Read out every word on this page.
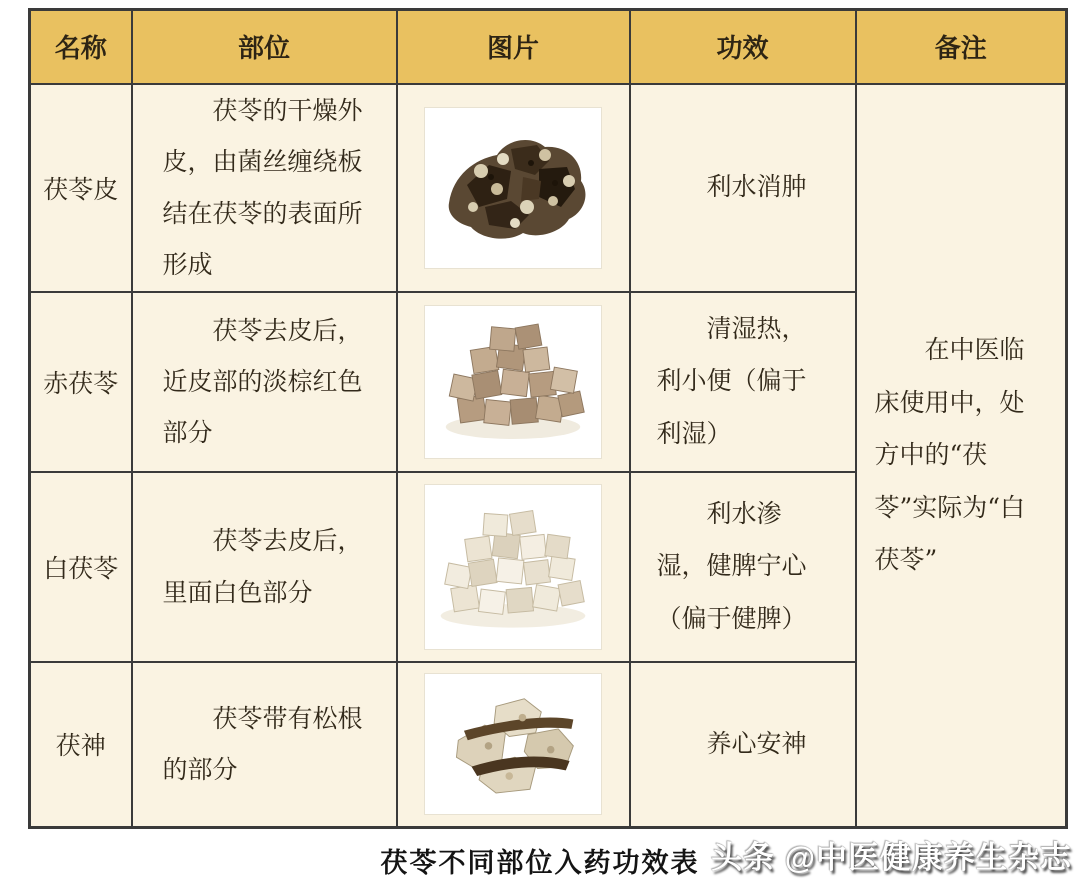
名称	部位	图片	功效	备注
茯苓皮	茯苓的干燥外皮，由菌丝缠绕板结在茯苓的表面所形成		利水消肿	在中医临床使用中，处方中的“茯苓”实际为“白茯苓”
赤茯苓	茯苓去皮后，近皮部的淡棕红色部分		清湿热，利小便（偏于利湿）	
白茯苓	茯苓去皮后，里面白色部分		利水渗湿，健脾宁心（偏于健脾）	
茯神	茯苓带有松根的部分		养心安神	
茯苓不同部位入药功效表 头条 @中医健康养生杂志
